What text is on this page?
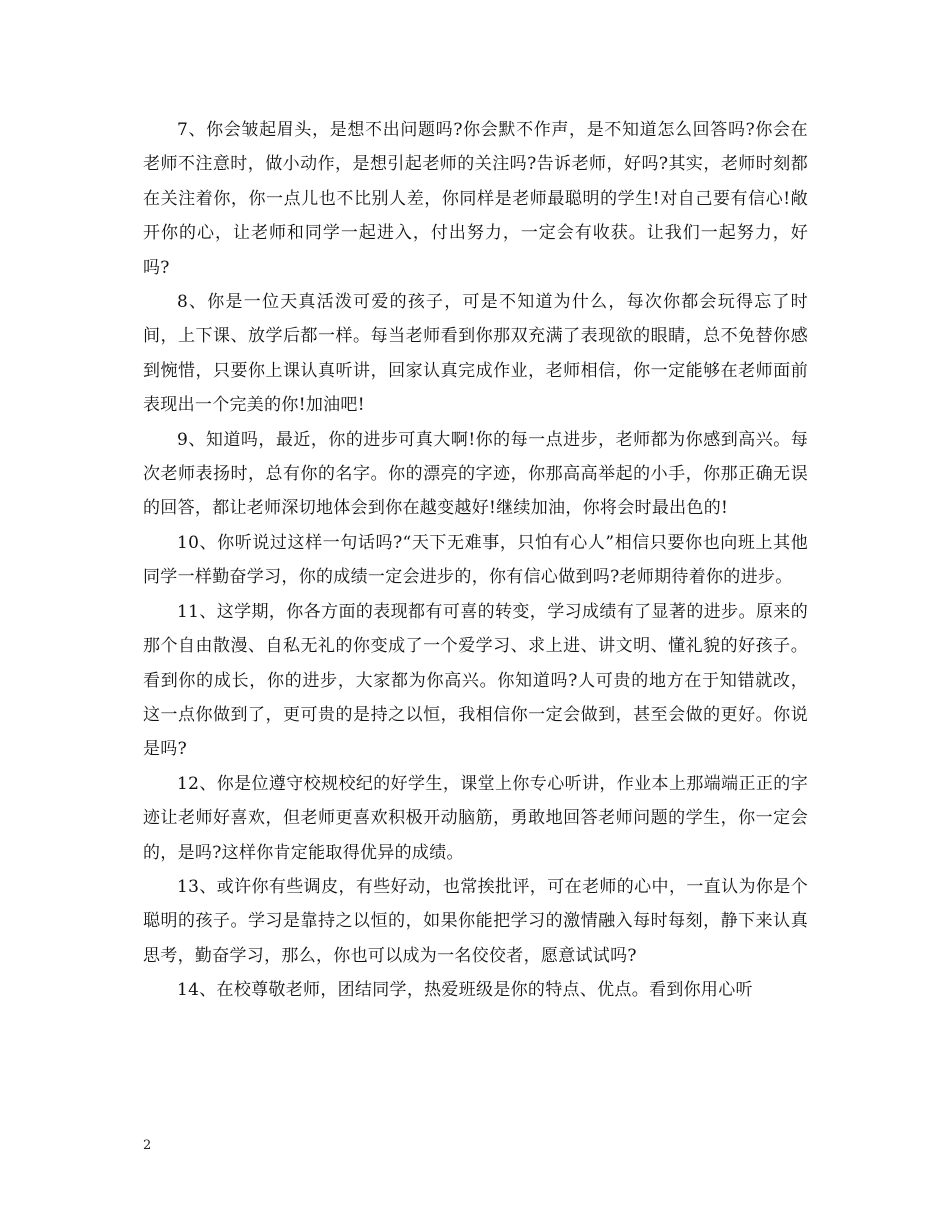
7、你会皱起眉头，是想不出问题吗?你会默不作声，是不知道怎么回答吗?你会在老师不注意时，做小动作，是想引起老师的关注吗?告诉老师，好吗?其实，老师时刻都在关注着你，你一点儿也不比别人差，你同样是老师最聪明的学生!对自己要有信心!敞开你的心，让老师和同学一起进入，付出努力，一定会有收获。让我们一起努力，好吗?

8、你是一位天真活泼可爱的孩子，可是不知道为什么，每次你都会玩得忘了时间，上下课、放学后都一样。每当老师看到你那双充满了表现欲的眼睛，总不免替你感到惋惜，只要你上课认真听讲，回家认真完成作业，老师相信，你一定能够在老师面前表现出一个完美的你!加油吧!

9、知道吗，最近，你的进步可真大啊!你的每一点进步，老师都为你感到高兴。每次老师表扬时，总有你的名字。你的漂亮的字迹，你那高高举起的小手，你那正确无误的回答，都让老师深切地体会到你在越变越好!继续加油，你将会时最出色的!

10、你听说过这样一句话吗?“天下无难事，只怕有心人”相信只要你也向班上其他同学一样勤奋学习，你的成绩一定会进步的，你有信心做到吗?老师期待着你的进步。

11、这学期，你各方面的表现都有可喜的转变，学习成绩有了显著的进步。原来的那个自由散漫、自私无礼的你变成了一个爱学习、求上进、讲文明、懂礼貌的好孩子。看到你的成长，你的进步，大家都为你高兴。你知道吗?人可贵的地方在于知错就改，这一点你做到了，更可贵的是持之以恒，我相信你一定会做到，甚至会做的更好。你说是吗?

12、你是位遵守校规校纪的好学生，课堂上你专心听讲，作业本上那端端正正的字迹让老师好喜欢，但老师更喜欢积极开动脑筋，勇敢地回答老师问题的学生，你一定会的，是吗?这样你肯定能取得优异的成绩。

13、或许你有些调皮，有些好动，也常挨批评，可在老师的心中，一直认为你是个聪明的孩子。学习是靠持之以恒的，如果你能把学习的激情融入每时每刻，静下来认真思考，勤奋学习，那么，你也可以成为一名佼佼者，愿意试试吗?

14、在校尊敬老师，团结同学，热爱班级是你的特点、优点。看到你用心听

2
